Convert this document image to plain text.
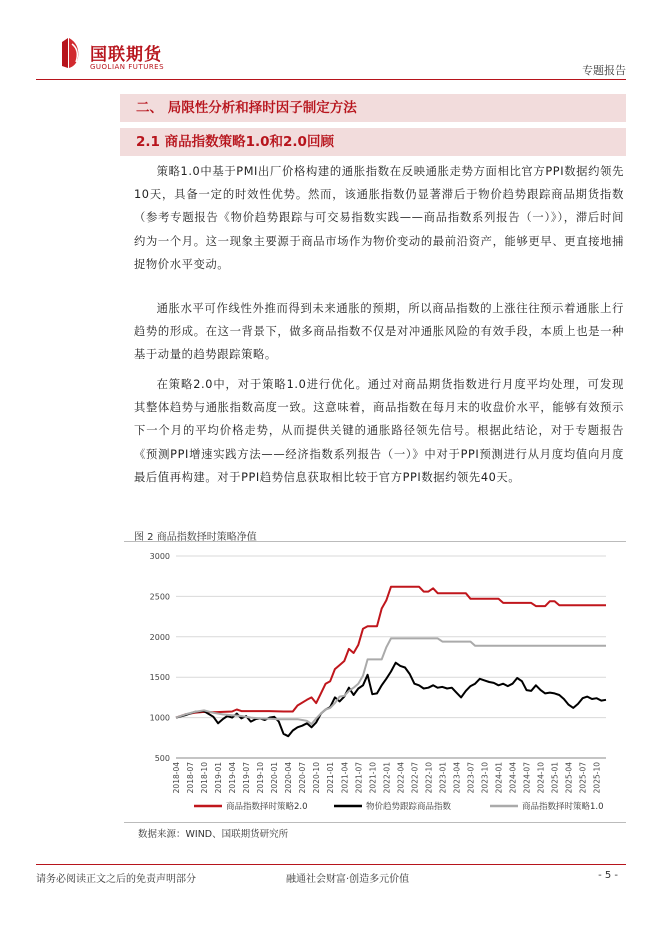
国联期货
GUOLIAN FUTURES	专题报告
二、 局限性分析和择时因子制定方法
2.1 商品指数策略1.0和2.0回顾

策略1.0中基于PMI出厂价格构建的通胀指数在反映通胀走势方面相比官方PPI数据约领先10天，具备一定的时效性优势。然而，该通胀指数仍显著滞后于物价趋势跟踪商品期货指数（参考专题报告《物价趋势跟踪与可交易指数实践——商品指数系列报告（一）》），滞后时间约为一个月。这一现象主要源于商品市场作为物价变动的最前沿资产，能够更早、更直接地捕捉物价水平变动。

通胀水平可作线性外推而得到未来通胀的预期，所以商品指数的上涨往往预示着通胀上行趋势的形成。在这一背景下，做多商品指数不仅是对冲通胀风险的有效手段，本质上也是一种基于动量的趋势跟踪策略。

在策略2.0中，对于策略1.0进行优化。通过对商品期货指数进行月度平均处理，可发现其整体趋势与通胀指数高度一致。这意味着，商品指数在每月末的收盘价水平，能够有效预示下一个月的平均价格走势，从而提供关键的通胀路径领先信号。根据此结论，对于专题报告《预测PPI增速实践方法——经济指数系列报告（一）》中对于PPI预测进行从月度均值向月度最后值再构建。对于PPI趋势信息获取相比较于官方PPI数据约领先40天。

图 2 商品指数择时策略净值
500
1000
1500
2000
2500
3000
2018-04 2018-07 2018-10 2019-01 2019-04 2019-07 2019-10 2020-01 2020-04 2020-07 2020-10 2021-01 2021-04 2021-07 2021-10 2022-01 2022-04 2022-07 2022-10 2023-01 2023-04 2023-07 2023-10 2024-01 2024-04 2024-07 2024-10 2025-01 2025-04 2025-07 2025-10
商品指数择时策略2.0	物价趋势跟踪商品指数	商品指数择时策略1.0
数据来源：WIND、国联期货研究所
请务必阅读正文之后的免责声明部分	融通社会财富·创造多元价值	- 5 -
